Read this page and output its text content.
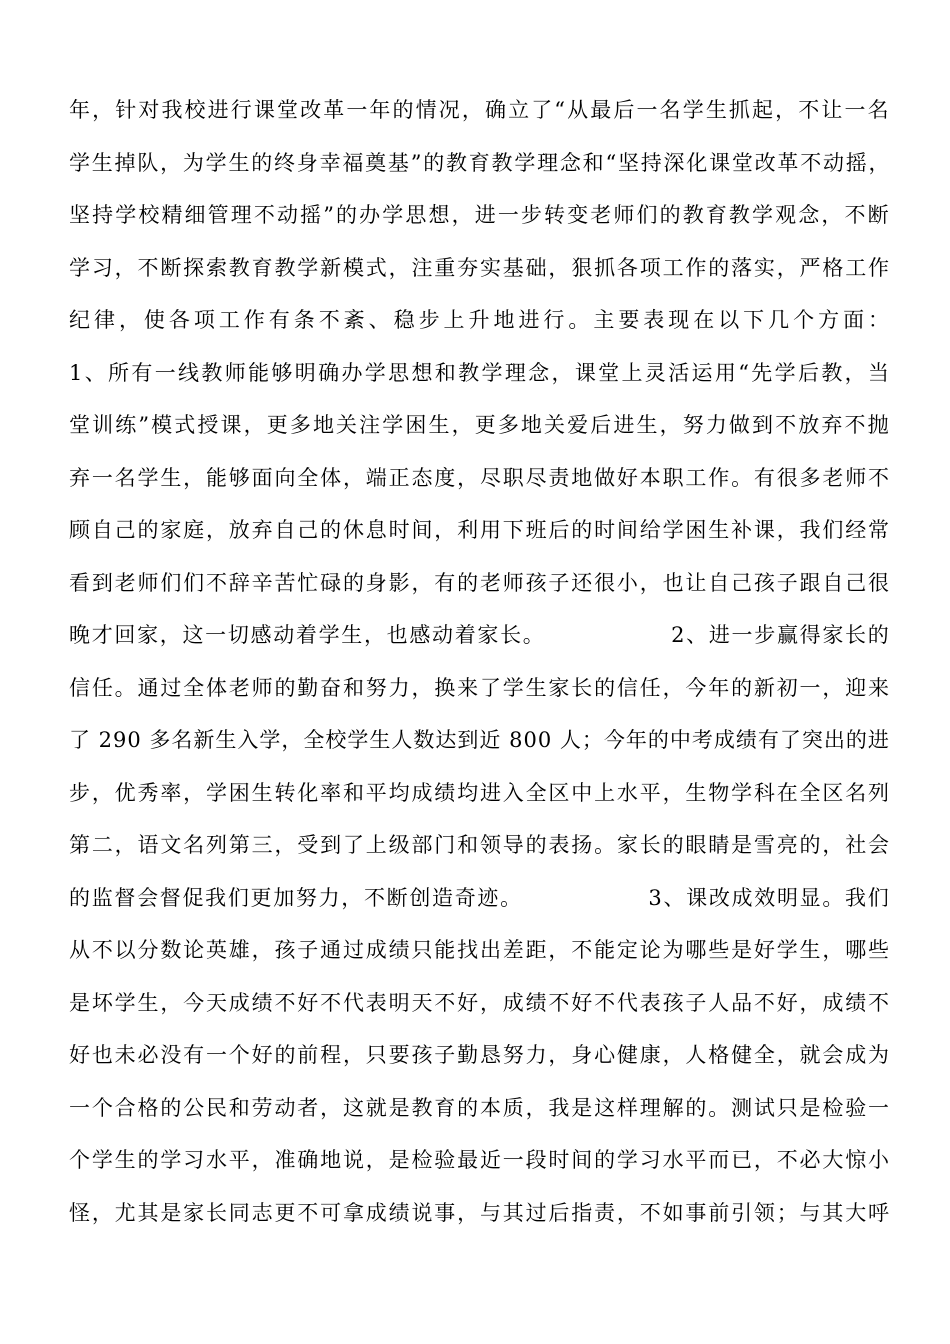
年，针对我校进行课堂改革一年的情况，确立了“从最后一名学生抓起，不让一名
学生掉队，为学生的终身幸福奠基”的教育教学理念和“坚持深化课堂改革不动摇，
坚持学校精细管理不动摇”的办学思想，进一步转变老师们的教育教学观念，不断
学习，不断探索教育教学新模式，注重夯实基础，狠抓各项工作的落实，严格工作
纪律，使各项工作有条不紊、稳步上升地进行。主要表现在以下几个方面：
1、所有一线教师能够明确办学思想和教学理念，课堂上灵活运用“先学后教，当
堂训练”模式授课，更多地关注学困生，更多地关爱后进生，努力做到不放弃不抛
弃一名学生，能够面向全体，端正态度，尽职尽责地做好本职工作。有很多老师不
顾自己的家庭，放弃自己的休息时间，利用下班后的时间给学困生补课，我们经常
看到老师们们不辞辛苦忙碌的身影，有的老师孩子还很小，也让自己孩子跟自己很
晚才回家，这一切感动着学生，也感动着家长。　　　　　　2、进一步赢得家长的
信任。通过全体老师的勤奋和努力，换来了学生家长的信任，今年的新初一，迎来
了 290 多名新生入学，全校学生人数达到近 800 人；今年的中考成绩有了突出的进
步，优秀率，学困生转化率和平均成绩均进入全区中上水平，生物学科在全区名列
第二，语文名列第三，受到了上级部门和领导的表扬。家长的眼睛是雪亮的，社会
的监督会督促我们更加努力，不断创造奇迹。　　　　　　3、课改成效明显。我们
从不以分数论英雄，孩子通过成绩只能找出差距，不能定论为哪些是好学生，哪些
是坏学生，今天成绩不好不代表明天不好，成绩不好不代表孩子人品不好，成绩不
好也未必没有一个好的前程，只要孩子勤恳努力，身心健康，人格健全，就会成为
一个合格的公民和劳动者，这就是教育的本质，我是这样理解的。测试只是检验一
个学生的学习水平，准确地说，是检验最近一段时间的学习水平而已，不必大惊小
怪，尤其是家长同志更不可拿成绩说事，与其过后指责，不如事前引领；与其大呼
